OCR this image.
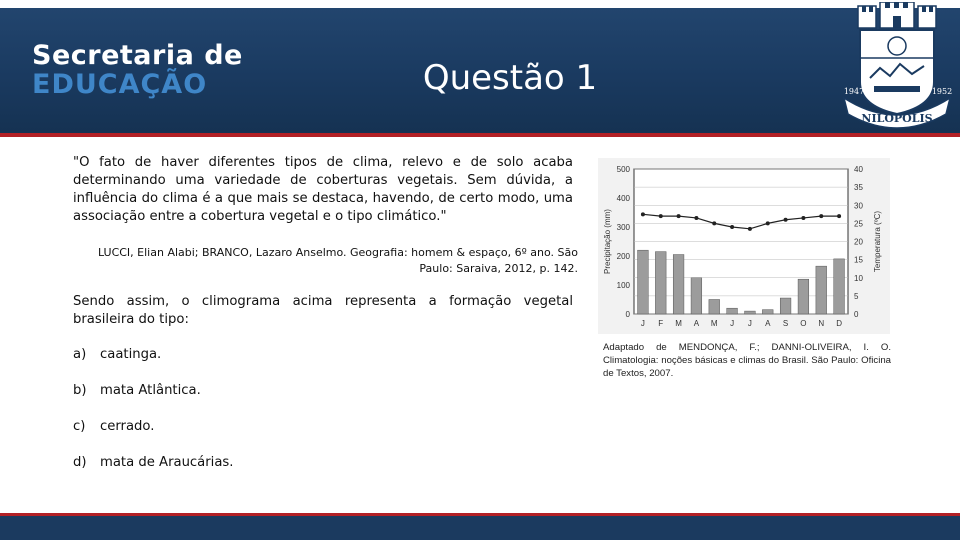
Secretaria de
EDUCAÇÃO	Questão 1
NILÓPOLIS
1947	1952
"O fato de haver diferentes tipos de clima, relevo e de solo acaba determinando uma variedade de coberturas vegetais. Sem dúvida, a influência do clima é a que mais se destaca, havendo, de certo modo, uma associação entre a cobertura vegetal e o tipo climático."
LUCCI, Elian Alabi; BRANCO, Lazaro Anselmo. Geografia: homem & espaço, 6º ano. São Paulo: Saraiva, 2012, p. 142.
Sendo assim, o climograma acima representa a formação vegetal brasileira do tipo:
a) caatinga.
b) mata Atlântica.
c) cerrado.
d) mata de Araucárias.
0
5
10
15
20
25
30
35
40
0
100
200
300
400
500
J F M A M J J A S O N D
Precipitação (mm)	Temperatura (ºC)
Adaptado de MENDONÇA, F.; DANNI-OLIVEIRA, I. O. Climatologia: noções básicas e climas do Brasil. São Paulo: Oficina de Textos, 2007.
